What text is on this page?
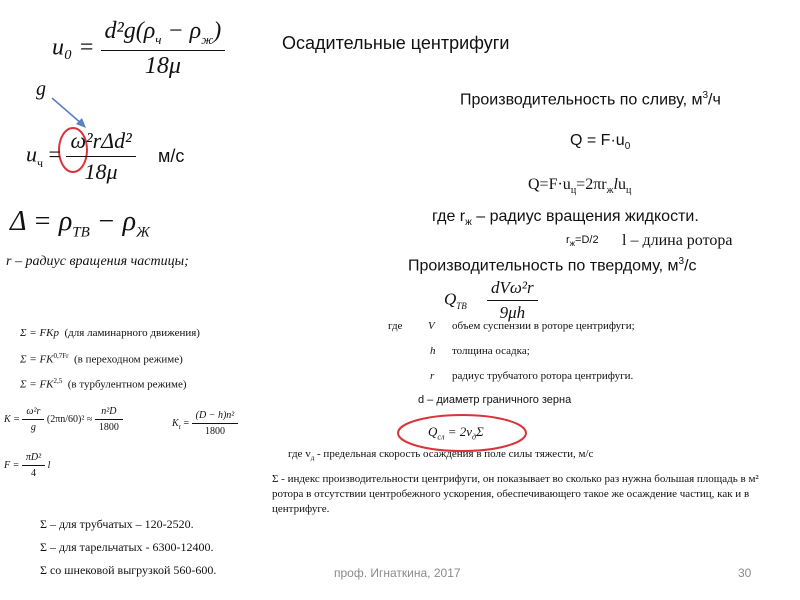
$u_0 = \frac{d^2g(\rho_ч - \rho_ж)}{18\mu}$	Осадительные центрифуги
g	Производительность по сливу, $м^3/ч$
$u_ч = \frac{\text{ω²rΔd²}}{18\mu} м/с$
$Q = F\cdot u_0$
$Q=F\cdot u_ц=2\pi r_жlu_ц$
$\Delta = \rho_{ТВ} - \rho_Ж$
где $r_ж$ – радиус вращения жидкости.
$r_ж=D/2$ l – длина ротора
r – радиус вращения частицы;	Производительность по твердому, $м^3/с$
$Q_{ТВ} \frac{\text{dVω²r}}{9\mu h}$
где V объем суспензии в роторе центрифуги;
h толщина осадка;
r радиус трубчатого ротора центрифуги.
d – диаметр граничного зерна
Σ = FKp (для ламинарного движения)
$\Sigma = FK^{0,7Fr}$ (в переходном режиме)
Σ = FK$^{2,5}$ (в турбулентном режиме)
$K = \frac{\text{ω²r}}{g} (2\pi n/60)^2 \approx \frac{\text{n²D}}{1800}$	$K_r = \frac{\text{(D − h)n²}}{1800}$	$Q_{сл} = 2v_д\Sigma$
где $v_д$ - предельная скорость осаждения в поле силы тяжести, м/с
$F = \frac{\text{πD²}}{4}$ l
Σ - индекс производительности центрифуги, он показывает во сколько раз нужна большая площадь в м² ротора в отсутствии центробежного ускорения, обеспечивающего такое же осаждение частиц, как и в центрифуге.
Σ – для трубчатых – 120-2520.
Σ – для тарельчатых - 6300-12400.
Σ со шнековой выгрузкой 560-600.	проф. Игнаткина, 2017	30
